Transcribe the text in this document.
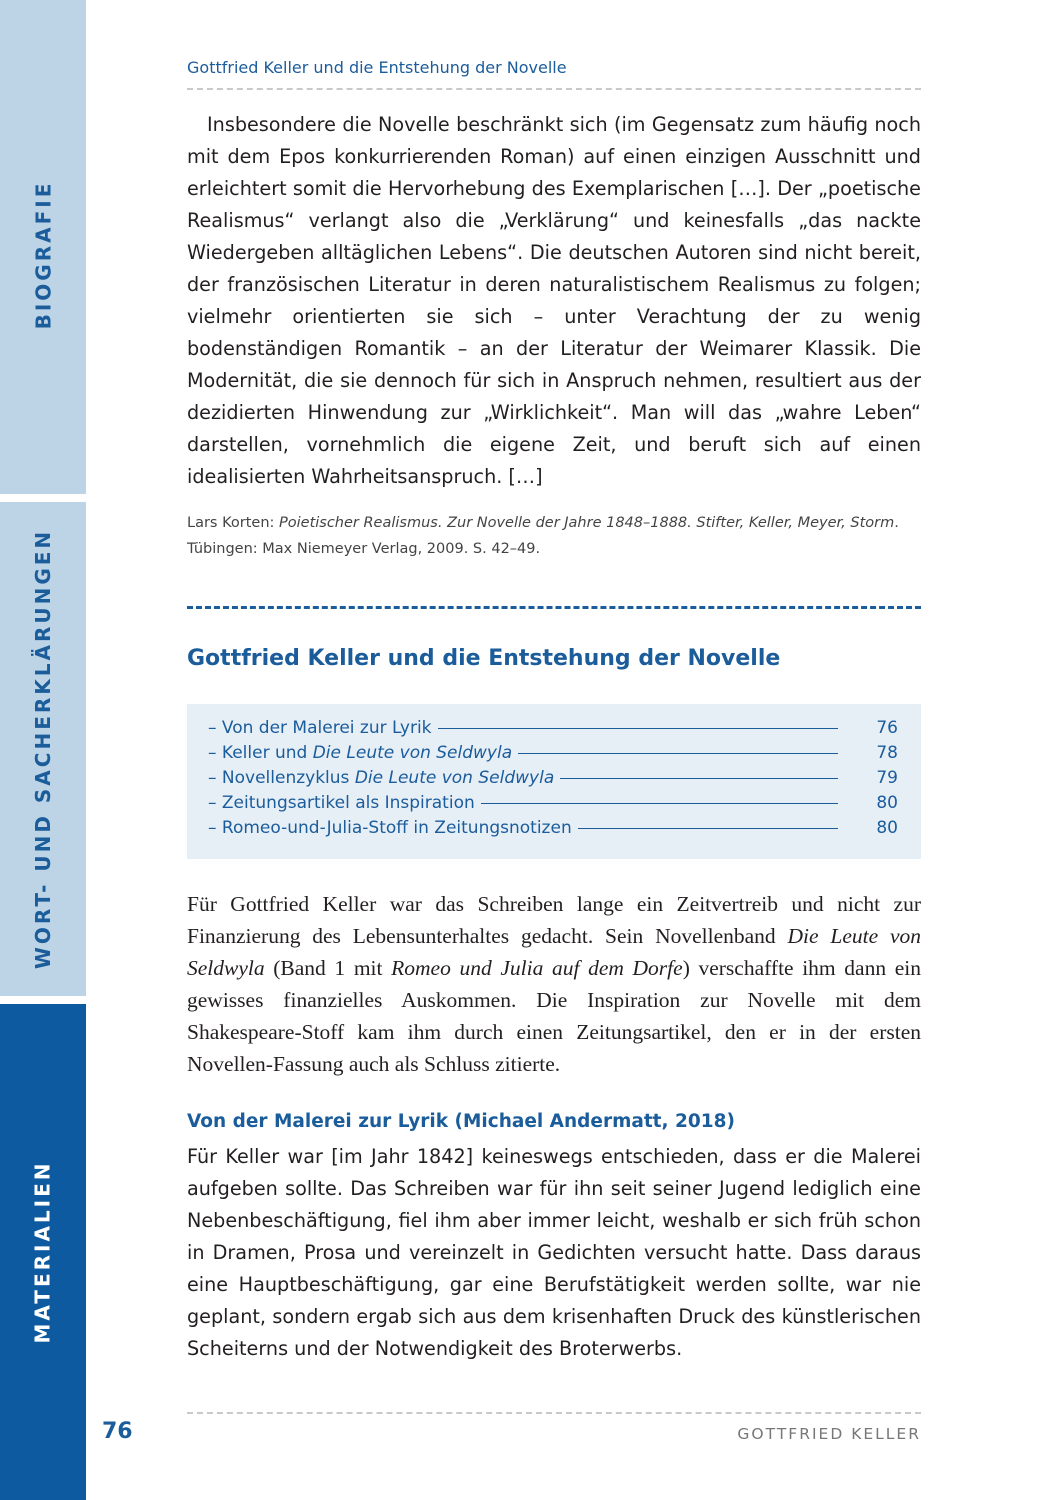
BIOGRAFIE
WORT- UND SACHERKLÄRUNGEN
MATERIALIEN
Gottfried Keller und die Entstehung der Novelle

Insbesondere die Novelle beschränkt sich (im Gegensatz zum häufig noch mit dem Epos konkurrierenden Roman) auf einen einzigen Ausschnitt und erleichtert somit die Hervorhebung des Exemplarischen […]. Der „poetische Realismus“ verlangt also die „Verklärung“ und keinesfalls „das nackte Wiedergeben alltäglichen Lebens“. Die deutschen Autoren sind nicht bereit, der französischen Literatur in deren naturalistischem Realismus zu folgen; vielmehr orientierten sie sich – unter Verachtung der zu wenig bodenständigen Romantik – an der Literatur der Weimarer Klassik. Die Modernität, die sie dennoch für sich in Anspruch nehmen, resultiert aus der dezidierten Hinwendung zur „Wirklichkeit“. Man will das „wahre Leben“ darstellen, vornehmlich die eigene Zeit, und beruft sich auf einen idealisierten Wahrheitsanspruch. […]

Lars Korten: Poietischer Realismus. Zur Novelle der Jahre 1848–1888. Stifter, Keller, Meyer, Storm. Tübingen: Max Niemeyer Verlag, 2009. S. 42–49.
Gottfried Keller und die Entstehung der Novelle
– Von der Malerei zur Lyrik	76
– Keller und Die Leute von Seldwyla	78
– Novellenzyklus Die Leute von Seldwyla	79
– Zeitungsartikel als Inspiration	80
– Romeo-und-Julia-Stoff in Zeitungsnotizen	80

Für Gottfried Keller war das Schreiben lange ein Zeitvertreib und nicht zur Finanzierung des Lebensunterhaltes gedacht. Sein Novellenband Die Leute von Seldwyla (Band 1 mit Romeo und Julia auf dem Dorfe) verschaffte ihm dann ein gewisses finanzielles Auskommen. Die Inspiration zur Novelle mit dem Shakespeare-Stoff kam ihm durch einen Zeitungsartikel, den er in der ersten Novellen-Fassung auch als Schluss zitierte.

Von der Malerei zur Lyrik (Michael Andermatt, 2018)

Für Keller war [im Jahr 1842] keineswegs entschieden, dass er die Malerei aufgeben sollte. Das Schreiben war für ihn seit seiner Jugend lediglich eine Nebenbeschäftigung, fiel ihm aber immer leicht, weshalb er sich früh schon in Dramen, Prosa und vereinzelt in Gedichten versucht hatte. Dass daraus eine Hauptbeschäftigung, gar eine Berufstätigkeit werden sollte, war nie geplant, sondern ergab sich aus dem krisenhaften Druck des künstlerischen Scheiterns und der Notwendigkeit des Broterwerbs.

76	GOTTFRIED KELLER
